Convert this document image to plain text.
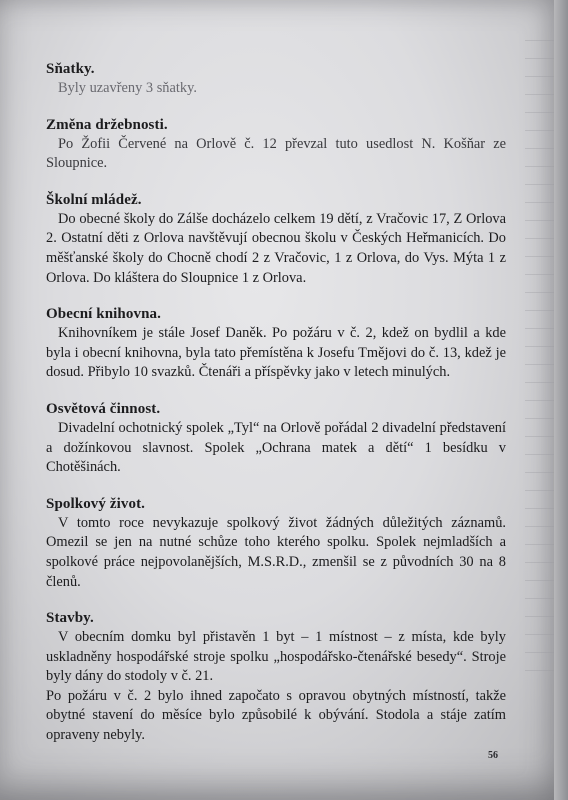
Sňatky.

Byly uzavřeny 3 sňatky.

Změna držebnosti.

Po Žofii Červené na Orlově č. 12 převzal tuto usedlost N. Košňar ze Sloupnice.

Školní mládež.

Do obecné školy do Zálše docházelo celkem 19 dětí, z Vračovic 17, Z Orlova 2. Ostatní děti z Orlova navštěvují obecnou školu v Českých Heřmanicích. Do měšťanské školy do Chocně chodí 2 z Vračovic, 1 z Orlova, do Vys. Mýta 1 z Orlova. Do kláštera do Sloupnice 1 z Orlova.

Obecní knihovna.

Knihovníkem je stále Josef Daněk. Po požáru v č. 2, kdež on bydlil a kde byla i obecní knihovna, byla tato přemístěna k Josefu Tmějovi do č. 13, kdež je dosud. Přibylo 10 svazků. Čtenáři a příspěvky jako v letech minulých.

Osvětová činnost.

Divadelní ochotnický spolek „Tyl“ na Orlově pořádal 2 divadelní představení a dožínkovou slavnost. Spolek „Ochrana matek a dětí“ 1 besídku v Chotěšinách.

Spolkový život.

V tomto roce nevykazuje spolkový život žádných důležitých záznamů. Omezil se jen na nutné schůze toho kterého spolku. Spolek nejmladších a spolkové práce nejpovolanějších, M.S.R.D., zmenšil se z původních 30 na 8 členů.

Stavby.

V obecním domku byl přistavěn 1 byt – 1 místnost – z místa, kde byly uskladněny hospodářské stroje spolku „hospodářsko-čtenářské besedy“. Stroje byly dány do stodoly v č. 21.

Po požáru v č. 2 bylo ihned započato s opravou obytných místností, takže obytné stavení do měsíce bylo způsobilé k obývání. Stodola a stáje zatím opraveny nebyly.

56
